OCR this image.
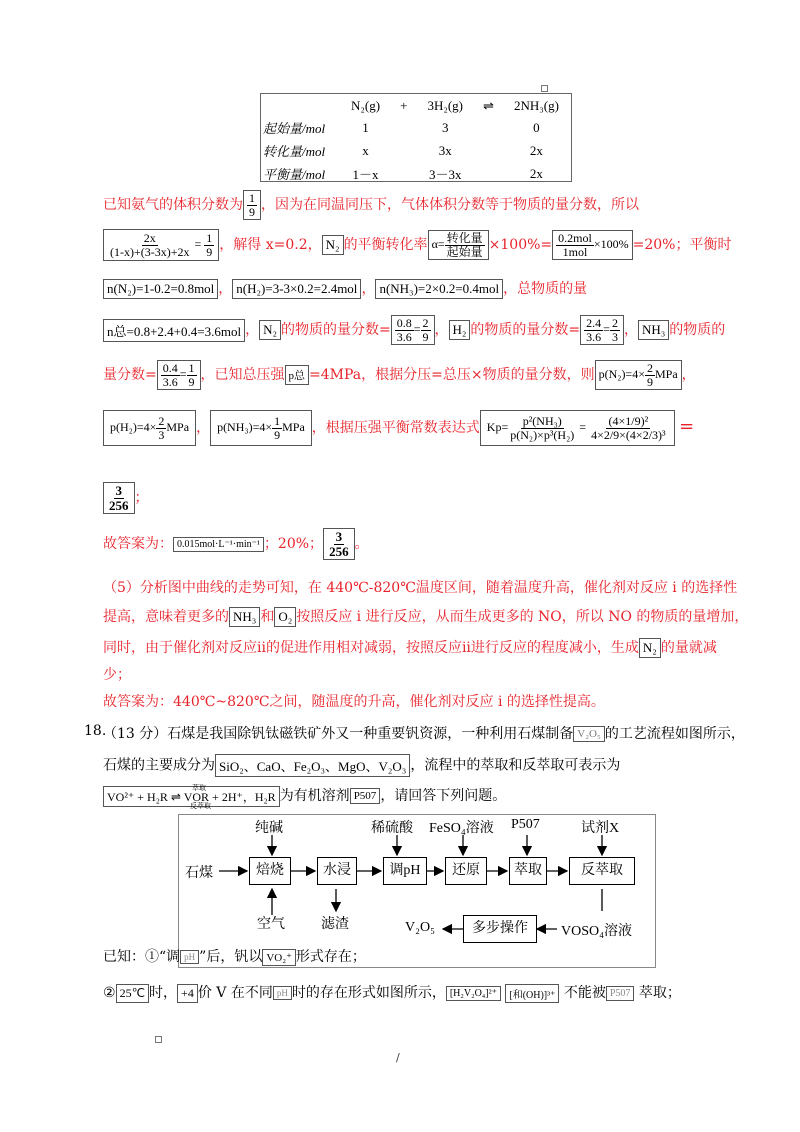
	N₂(g)	+	3H₂(g)	⇌	2NH₃(g)
起始量/mol	1		3		0
转化量/mol	x		3x		2x
平衡量/mol	1－x		3－3x		2x
已知氨气的体积分数为 $\frac{1}{9}$ ，因为在同温同压下，气体体积分数等于物质的量分数，所以
$\frac{2x}{(1-x)+(3-3x)+2x} = \frac{1}{9}$ ，解得 x=0.2， N₂ 的平衡转化率 $\alpha= \frac{\text{转化量}}{\text{起始量}} \times 100\%= \frac{\text{0.2mol}}{\text{1mol}} \times 100\% =20\%$；平衡时
n(N₂)=1-0.2=0.8mol ， n(H₂)=3-3×0.2=2.4mol ， n(NH₃)=2×0.2=0.4mol ，总物质的量
n总=0.8+2.4+0.4=3.6mol ， N₂ 的物质的量分数= $\frac{0.8}{3.6} = \frac{2}{9}$ ， H₂ 的物质的量分数= $\frac{2.4}{3.6} = \frac{2}{3}$ ， NH₃ 的物质的
量分数= $\frac{0.4}{3.6} = \frac{1}{9}$ ，已知总压强 p总 =4MPa，根据分压=总压×物质的量分数，则 $p(N_2)=4\times \frac{2}{9}$ MPa ，
$p(H_2)=4\times \frac{2}{3}$ MPa ， $p(NH_3)=4\times \frac{1}{9}$ MPa ，根据压强平衡常数表达式 $Kp= \frac{\text{p²(NH₃)}}{\text{p(N₂)×p³(H₂)}} = \frac{\text{(4×1/9)²}}{\text{4×2/9×(4×2/3)³}}$ =
$\frac{3}{256}$ ；
故答案为： 0.015mol·L⁻¹·min⁻¹ ；20%； $\frac{3}{256}$ 。
（5）分析图中曲线的走势可知，在 440℃-820℃温度区间，随着温度升高，催化剂对反应 i 的选择性
提高，意味着更多的 NH₃ 和 O₂ 按照反应 i 进行反应，从而生成更多的 NO，所以 NO 的物质的量增加，
同时，由于催化剂对反应ii的促进作用相对减弱，按照反应ii进行反应的程度减小，生成 N₂ 的量就减
少；
故答案为：440℃~820℃之间，随温度的升高，催化剂对反应 i 的选择性提高。
18.
（13 分）石煤是我国除钒钛磁铁矿外又一种重要钒资源，一种利用石煤制备 V₂O₅ 的工艺流程如图所示，
石煤的主要成分为 SiO₂、CaO、Fe₂O₃、MgO、V₂O₃ ，流程中的萃取和反萃取可表示为
VO²⁺ + H₂R ⇌ VOR + 2H⁺，H₂R
萃取
反萃取
为有机溶剂 P507 ，请回答下列问题。
石煤	焙烧	水浸	调pH	还原	萃取	反萃取
多步操作
纯碱	稀硫酸 FeSO₄溶液 P507	试剂X
空气	滤渣	V₂O₅	VOSO₄溶液
已知：①“调 pH ”后，钒以 VO₂⁺ 形式存在；
② 25℃ 时， +4 价 V 在不同 pH 时的存在形式如图所示， [H₂V₂O₄]²⁺ [和(OH)]³⁺ 不能被 P507 萃取；
/
